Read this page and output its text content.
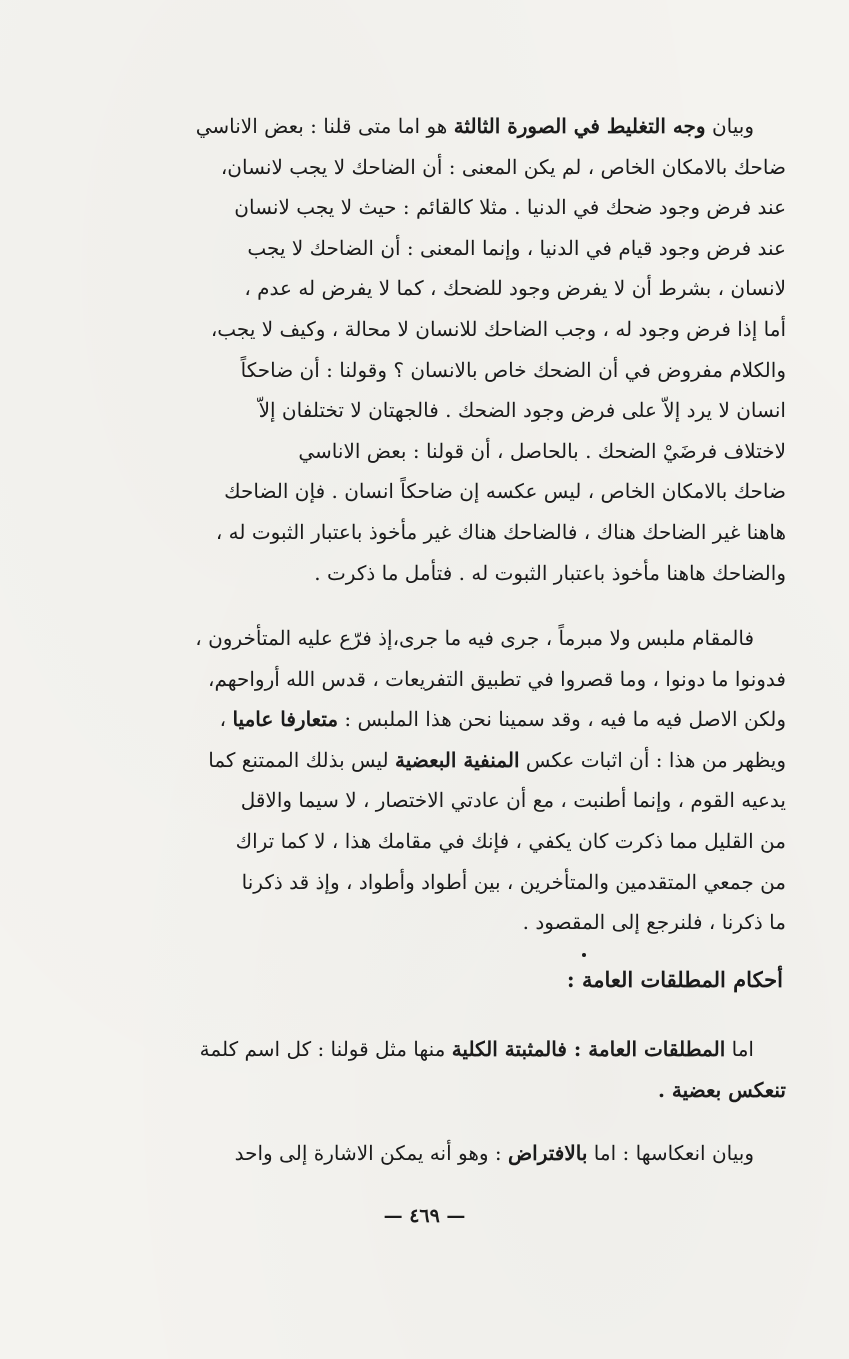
وبيان وجه التغليط في الصورة الثالثة هو اما متى قلنا : بعض الاناسي
ضاحك بالامكان الخاص ، لم يكن المعنى : أن الضاحك لا يجب لانسان،
عند فرض وجود ضحك في الدنيا . مثلا كالقائم : حيث لا يجب لانسان
عند فرض وجود قيام في الدنيا ، وإنما المعنى : أن الضاحك لا يجب
لانسان ، بشرط أن لا يفرض وجود للضحك ، كما لا يفرض له عدم ،
أما إذا فرض وجود له ، وجب الضاحك للانسان لا محالة ، وكيف لا يجب،
والكلام مفروض في أن الضحك خاص بالانسان ؟ وقولنا : أن ضاحكاً
انسان لا يرد إلاّ على فرض وجود الضحك . فالجهتان لا تختلفان إلاّ
لاختلاف فرضَيْ الضحك . بالحاصل ، أن قولنا : بعض الاناسي
ضاحك بالامكان الخاص ، ليس عكسه إن ضاحكاً انسان . فإن الضاحك
هاهنا غير الضاحك هناك ، فالضاحك هناك غير مأخوذ باعتبار الثبوت له ،
والضاحك هاهنا مأخوذ باعتبار الثبوت له . فتأمل ما ذكرت .
فالمقام ملبس ولا مبرماً ، جرى فيه ما جرى،إذ فرّع عليه المتأخرون ،
فدونوا ما دونوا ، وما قصروا في تطبيق التفريعات ، قدس الله أرواحهم،
ولكن الاصل فيه ما فيه ، وقد سمينا نحن هذا الملبس : متعارفا عاميا ،
ويظهر من هذا : أن اثبات عكس المنفية البعضية ليس بذلك الممتنع كما
يدعيه القوم ، وإنما أطنبت ، مع أن عادتي الاختصار ، لا سيما والاقل
من القليل مما ذكرت كان يكفي ، فإنك في مقامك هذا ، لا كما تراك
من جمعي المتقدمين والمتأخرين ، بين أطواد وأطواد ، وإذ قد ذكرنا
ما ذكرنا ، فلنرجع إلى المقصود .
أحكام المطلقات العامة :
اما المطلقات العامة : فالمثبتة الكلية منها مثل قولنا : كل اسم كلمة
تنعكس بعضية .
وبيان انعكاسها : اما بالافتراض : وهو أنه يمكن الاشارة إلى واحد
— ٤٦٩ —
